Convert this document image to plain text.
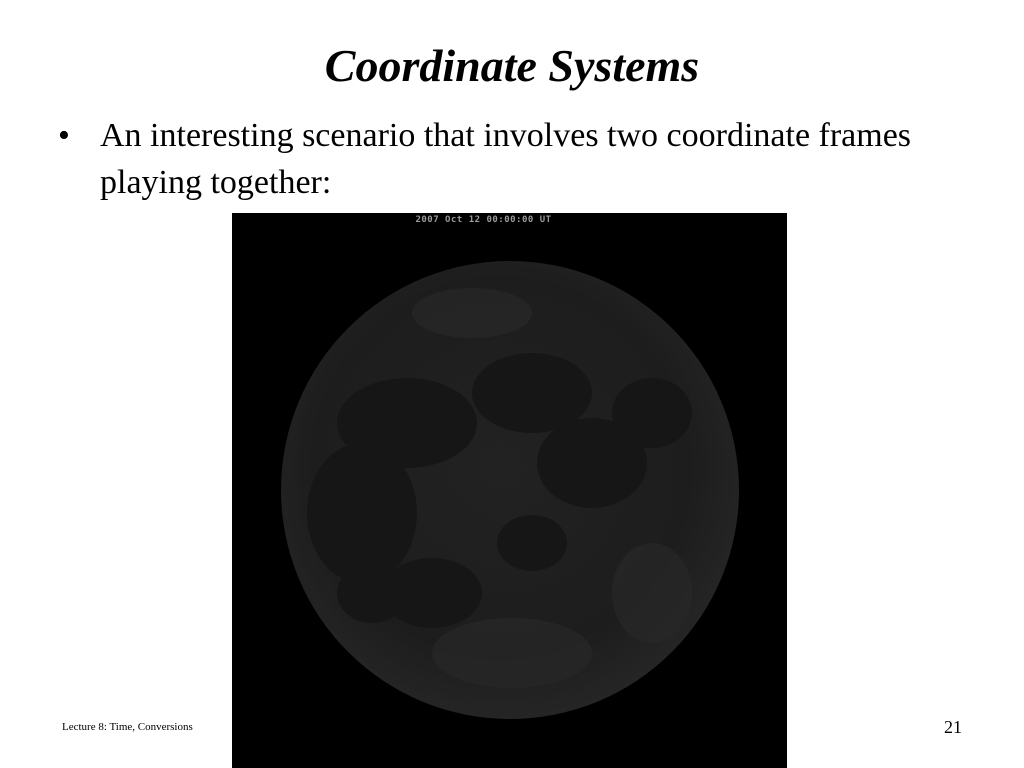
Coordinate Systems
• An interesting scenario that involves two coordinate frames playing together:
Lecture 8: Time, Conversions
2007 Oct 12 00:00:00 UT
21
